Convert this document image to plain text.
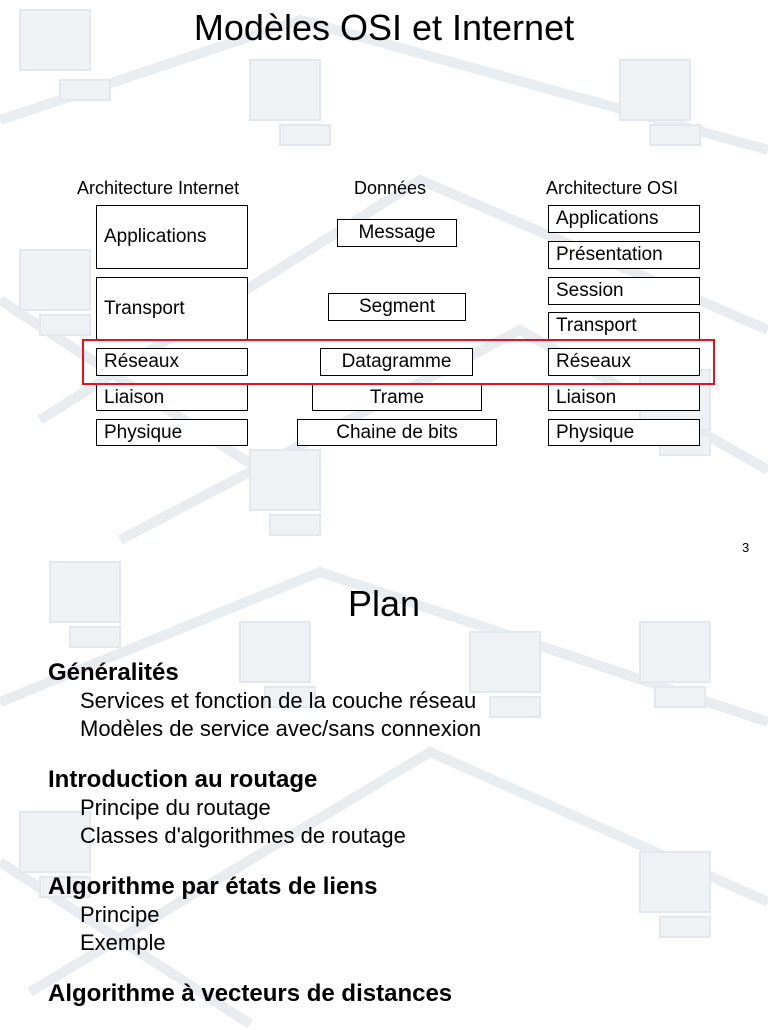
Modèles OSI et Internet
Architecture Internet	Données	Architecture OSI
Applications
Transport
Réseaux
Liaison
Physique
Message
Segment
Datagramme
Trame
Chaine de bits
Applications
Présentation
Session
Transport
Réseaux
Liaison
Physique
3
Plan
Généralités
Services et fonction de la couche réseau
Modèles de service avec/sans connexion
Introduction au routage
Principe du routage
Classes d'algorithmes de routage
Algorithme par états de liens
Principe
Exemple
Algorithme à vecteurs de distances
